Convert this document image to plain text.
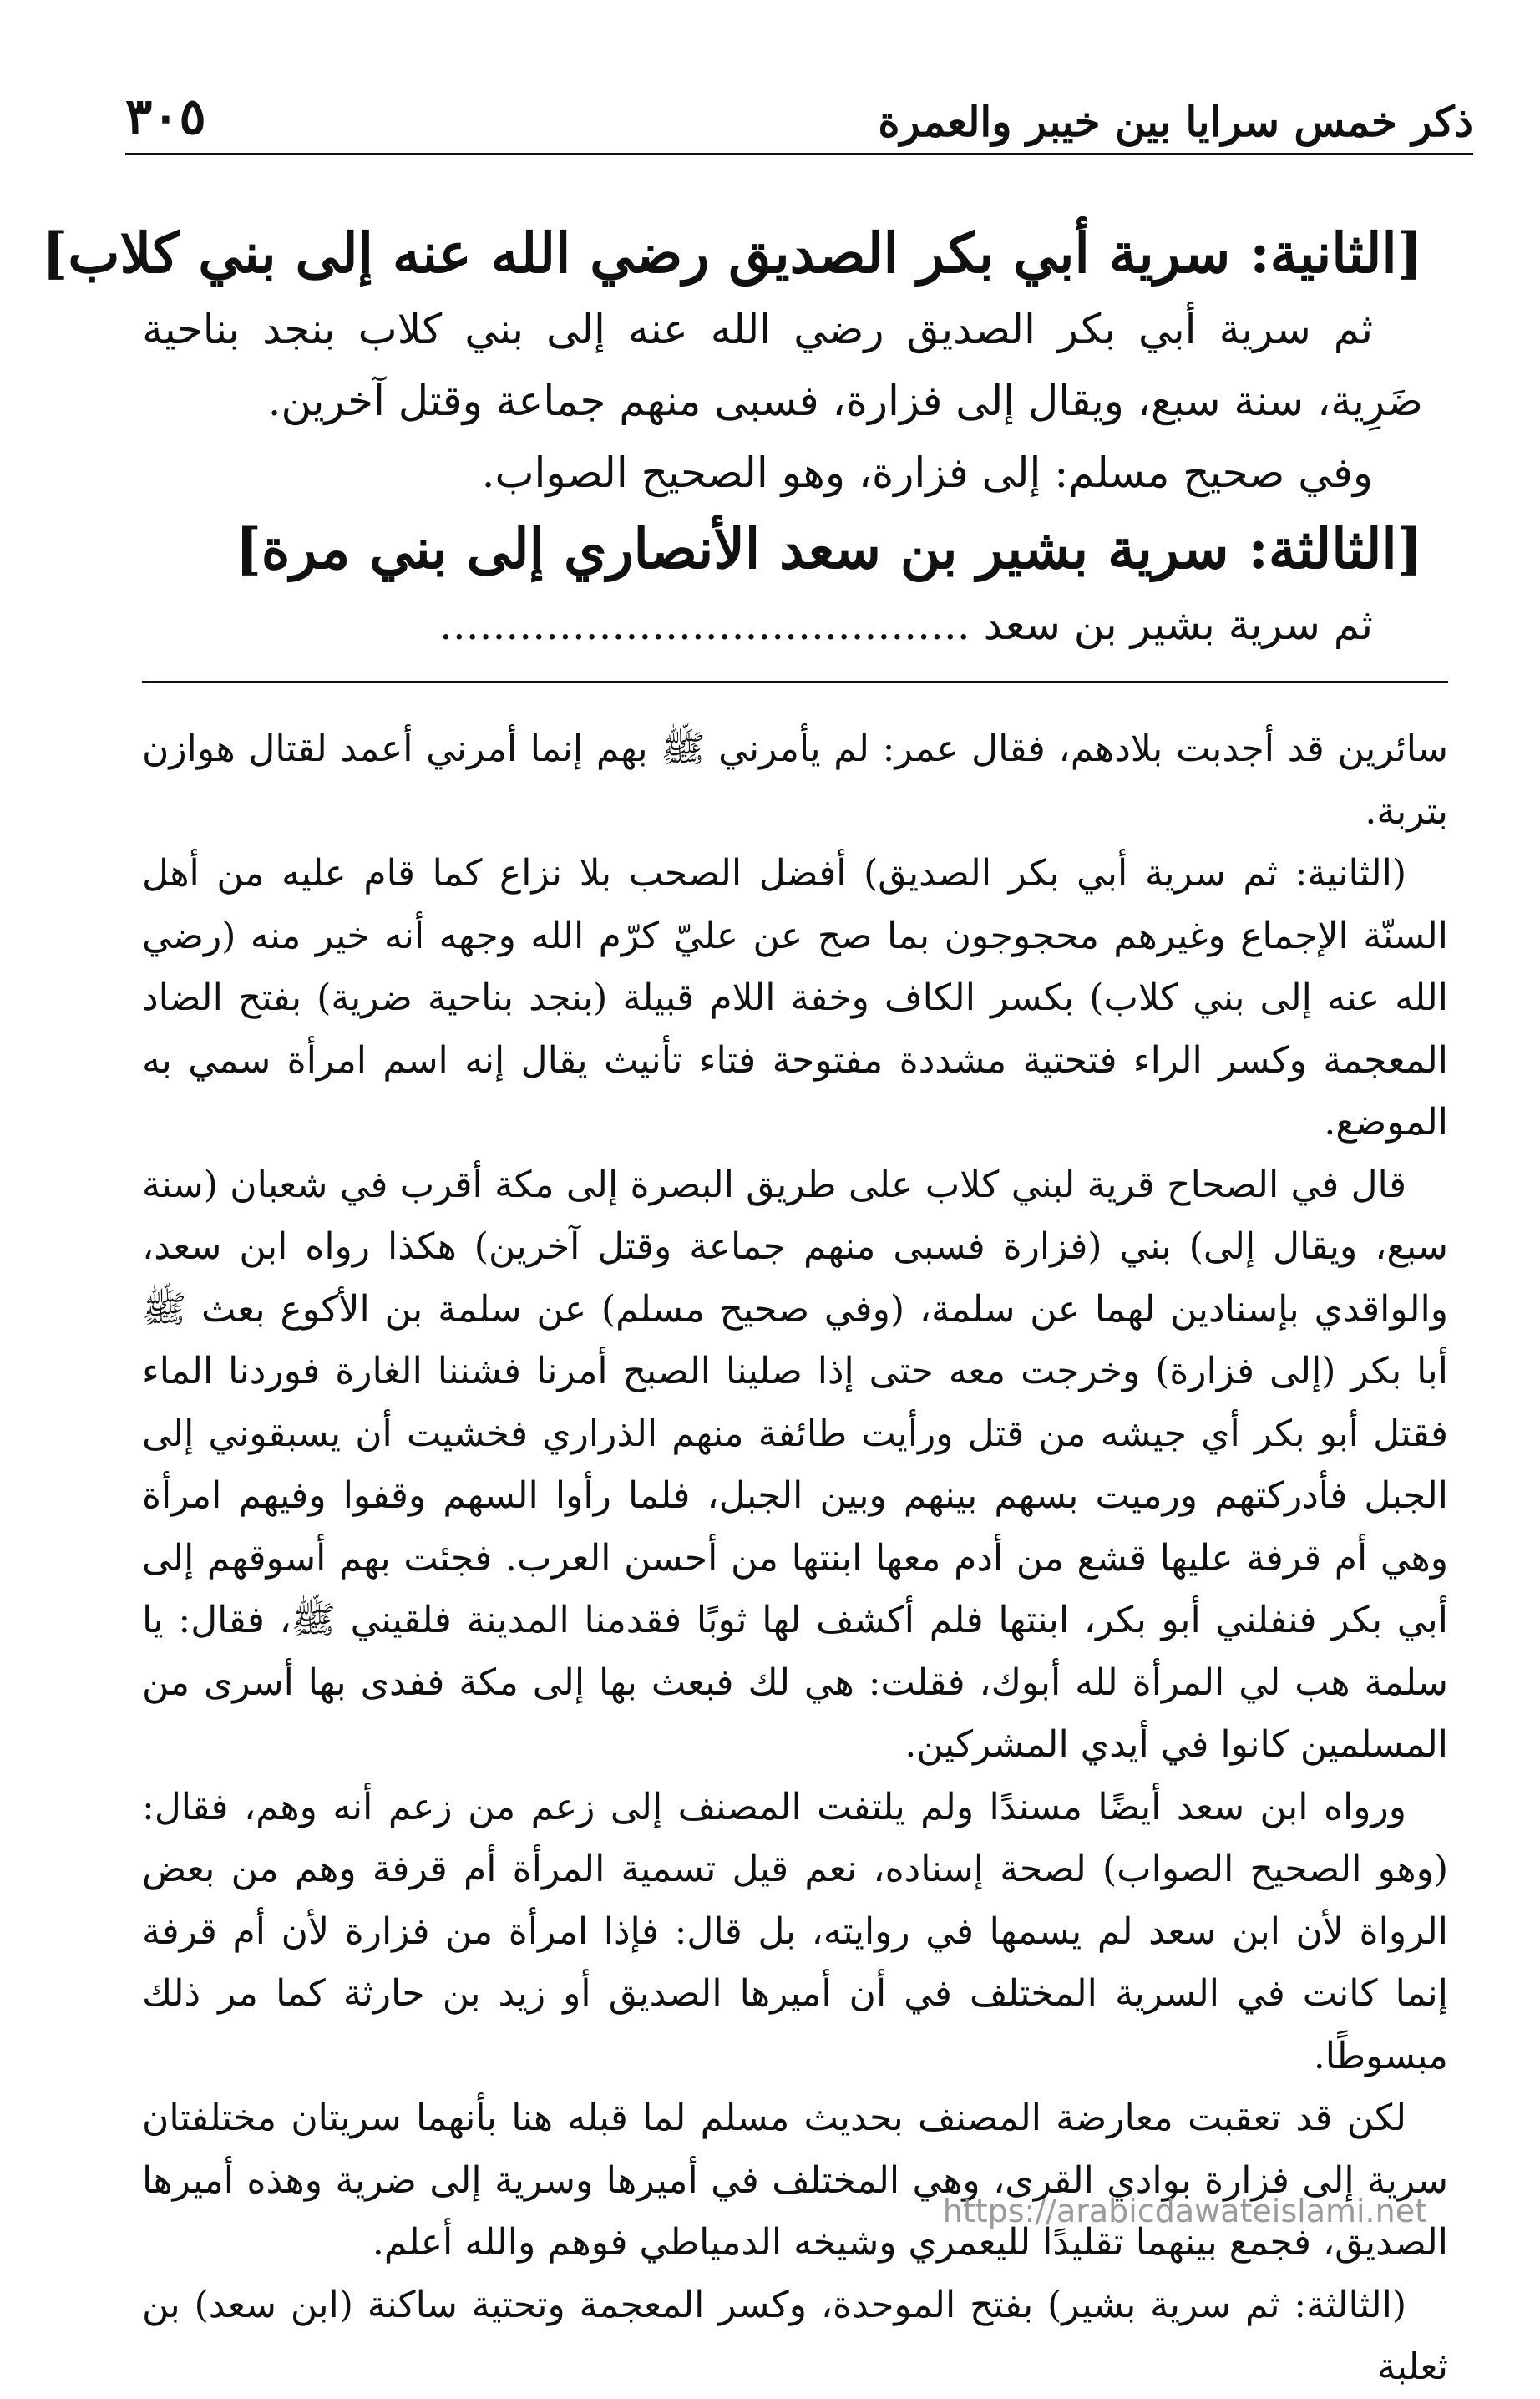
ذكر خمس سرايا بين خيبر والعمرة
٣٠٥

[الثانية: سرية أبي بكر الصديق رضي الله عنه إلى بني كلاب]

ثم سرية أبي بكر الصديق رضي الله عنه إلى بني كلاب بنجد بناحية ضَرِية، سنة سبع، ويقال إلى فزارة، فسبى منهم جماعة وقتل آخرين.

وفي صحيح مسلم: إلى فزارة، وهو الصحيح الصواب.

[الثالثة: سرية بشير بن سعد الأنصاري إلى بني مرة]

ثم سرية بشير بن سعد ........................................

سائرين قد أجدبت بلادهم، فقال عمر: لم يأمرني ﷺ بهم إنما أمرني أعمد لقتال هوازن بتربة.

(الثانية: ثم سرية أبي بكر الصديق) أفضل الصحب بلا نزاع كما قام عليه من أهل السنّة الإجماع وغيرهم محجوجون بما صح عن عليّ كرّم الله وجهه أنه خير منه (رضي الله عنه إلى بني كلاب) بكسر الكاف وخفة اللام قبيلة (بنجد بناحية ضرية) بفتح الضاد المعجمة وكسر الراء فتحتية مشددة مفتوحة فتاء تأنيث يقال إنه اسم امرأة سمي به الموضع.

قال في الصحاح قرية لبني كلاب على طريق البصرة إلى مكة أقرب في شعبان (سنة سبع، ويقال إلى) بني (فزارة فسبى منهم جماعة وقتل آخرين) هكذا رواه ابن سعد، والواقدي بإسنادين لهما عن سلمة، (وفي صحيح مسلم) عن سلمة بن الأكوع بعث ﷺ أبا بكر (إلى فزارة) وخرجت معه حتى إذا صلينا الصبح أمرنا فشننا الغارة فوردنا الماء فقتل أبو بكر أي جيشه من قتل ورأيت طائفة منهم الذراري فخشيت أن يسبقوني إلى الجبل فأدركتهم ورميت بسهم بينهم وبين الجبل، فلما رأوا السهم وقفوا وفيهم امرأة وهي أم قرفة عليها قشع من أدم معها ابنتها من أحسن العرب. فجئت بهم أسوقهم إلى أبي بكر فنفلني أبو بكر، ابنتها فلم أكشف لها ثوبًا فقدمنا المدينة فلقيني ﷺ، فقال: يا سلمة هب لي المرأة لله أبوك، فقلت: هي لك فبعث بها إلى مكة ففدى بها أسرى من المسلمين كانوا في أيدي المشركين.

ورواه ابن سعد أيضًا مسندًا ولم يلتفت المصنف إلى زعم من زعم أنه وهم، فقال: (وهو الصحيح الصواب) لصحة إسناده، نعم قيل تسمية المرأة أم قرفة وهم من بعض الرواة لأن ابن سعد لم يسمها في روايته، بل قال: فإذا امرأة من فزارة لأن أم قرفة إنما كانت في السرية المختلف في أن أميرها الصديق أو زيد بن حارثة كما مر ذلك مبسوطًا.

لكن قد تعقبت معارضة المصنف بحديث مسلم لما قبله هنا بأنهما سريتان مختلفتان سرية إلى فزارة بوادي القرى، وهي المختلف في أميرها وسرية إلى ضرية وهذه أميرها الصديق، فجمع بينهما تقليدًا لليعمري وشيخه الدمياطي فوهم والله أعلم.

(الثالثة: ثم سرية بشير) بفتح الموحدة، وكسر المعجمة وتحتية ساكنة (ابن سعد) بن ثعلبة

https://arabicdawateislami.net
